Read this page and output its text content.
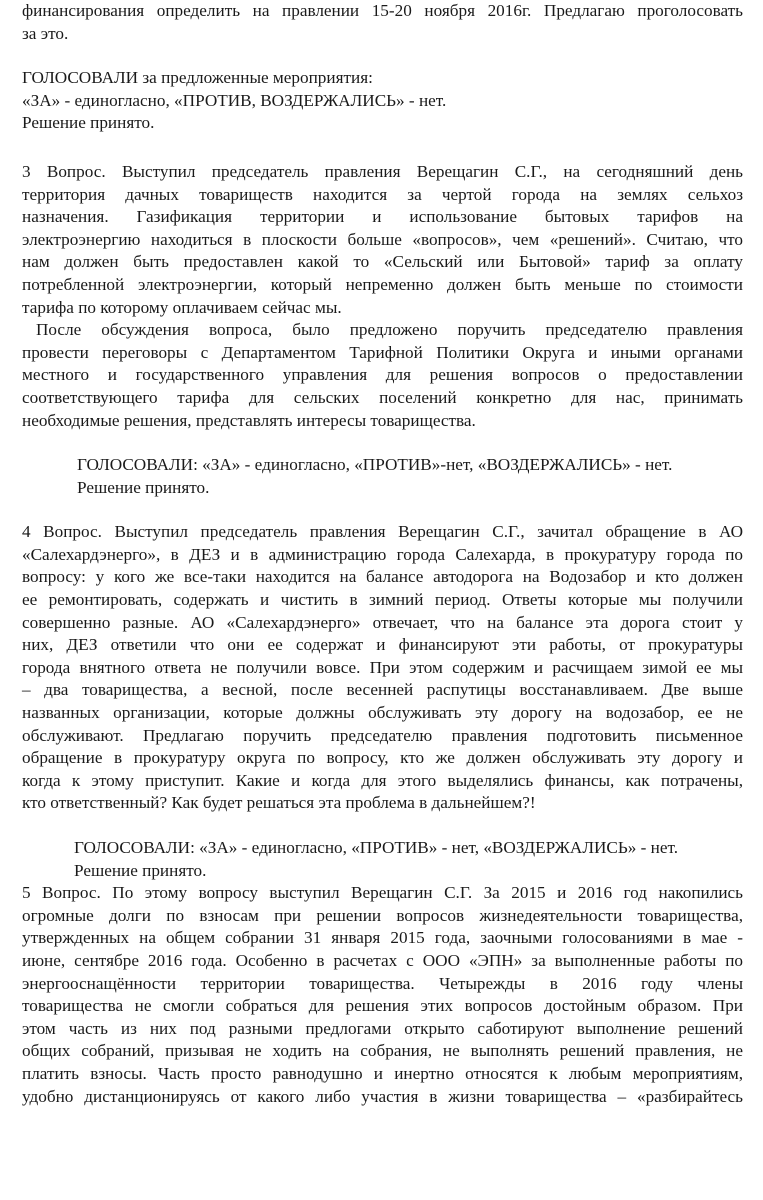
финансирования определить на правлении 15-20 ноября 2016г. Предлагаю проголосовать
за это.
ГОЛОСОВАЛИ за предложенные мероприятия:
«ЗА» - единогласно, «ПРОТИВ, ВОЗДЕРЖАЛИСЬ» - нет.
Решение принято.
3 Вопрос. Выступил председатель правления Верещагин С.Г., на сегодняшний день
территория дачных товариществ находится за чертой города на землях сельхоз
назначения. Газификация территории и использование бытовых тарифов на
электроэнергию находиться в плоскости больше «вопросов», чем «решений». Считаю, что
нам должен быть предоставлен какой то «Сельский или Бытовой» тариф за оплату
потребленной электроэнергии, который непременно должен быть меньше по стоимости
тарифа по которому оплачиваем сейчас мы.
После обсуждения вопроса, было предложено поручить председателю правления
провести переговоры с Департаментом Тарифной Политики Округа и иными органами
местного и государственного управления для решения вопросов о предоставлении
соответствующего тарифа для сельских поселений конкретно для нас, принимать
необходимые решения, представлять интересы товарищества.
ГОЛОСОВАЛИ: «ЗА» - единогласно, «ПРОТИВ»-нет, «ВОЗДЕРЖАЛИСЬ» - нет.
Решение принято.
4 Вопрос. Выступил председатель правления Верещагин С.Г., зачитал обращение в АО
«Салехардэнерго», в ДЕЗ и в администрацию города Салехарда, в прокуратуру города по
вопросу: у кого же все-таки находится на балансе автодорога на Водозабор и кто должен
ее ремонтировать, содержать и чистить в зимний период. Ответы которые мы получили
совершенно разные. АО «Салехардэнерго» отвечает, что на балансе эта дорога стоит у
них, ДЕЗ ответили что они ее содержат и финансируют эти работы, от прокуратуры
города внятного ответа не получили вовсе. При этом содержим и расчищаем зимой ее мы
– два товарищества, а весной, после весенней распутицы восстанавливаем. Две выше
названных организации, которые должны обслуживать эту дорогу на водозабор, ее не
обслуживают. Предлагаю поручить председателю правления подготовить письменное
обращение в прокуратуру округа по вопросу, кто же должен обслуживать эту дорогу и
когда к этому приступит. Какие и когда для этого выделялись финансы, как потрачены,
кто ответственный? Как будет решаться эта проблема в дальнейшем?!
ГОЛОСОВАЛИ: «ЗА» - единогласно, «ПРОТИВ» - нет, «ВОЗДЕРЖАЛИСЬ» - нет.
Решение принято.
5 Вопрос. По этому вопросу выступил Верещагин С.Г. За 2015 и 2016 год накопились
огромные долги по взносам при решении вопросов жизнедеятельности товарищества,
утвержденных на общем собрании 31 января 2015 года, заочными голосованиями в мае -
июне, сентябре 2016 года. Особенно в расчетах с ООО «ЭПН» за выполненные работы по
энергооснащённости территории товарищества. Четырежды в 2016 году члены
товарищества не смогли собраться для решения этих вопросов достойным образом. При
этом часть из них под разными предлогами открыто саботируют выполнение решений
общих собраний, призывая не ходить на собрания, не выполнять решений правления, не
платить взносы. Часть просто равнодушно и инертно относятся к любым мероприятиям,
удобно дистанционируясь от какого либо участия в жизни товарищества – «разбирайтесь
